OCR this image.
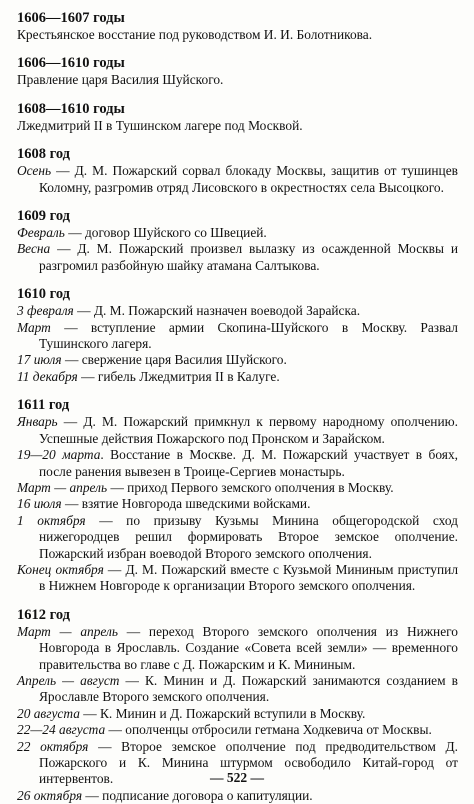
1606—1607 годы
Крестьянское восстание под руководством И. И. Болотникова.
1606—1610 годы
Правление царя Василия Шуйского.
1608—1610 годы
Лжедмитрий II в Тушинском лагере под Москвой.
1608 год
Осень — Д. М. Пожарский сорвал блокаду Москвы, защитив от тушинцев Коломну, разгромив отряд Лисовского в окрестностях села Высоцкого.
1609 год
Февраль — договор Шуйского со Швецией.
Весна — Д. М. Пожарский произвел вылазку из осажденной Москвы и разгромил разбойную шайку атамана Салтыкова.
1610 год
3 февраля — Д. М. Пожарский назначен воеводой Зарайска.
Март — вступление армии Скопина-Шуйского в Москву. Развал Тушинского лагеря.
17 июля — свержение царя Василия Шуйского.
11 декабря — гибель Лжедмитрия II в Калуге.
1611 год
Январь — Д. М. Пожарский примкнул к первому народному ополчению. Успешные действия Пожарского под Пронском и Зарайском.
19—20 марта. Восстание в Москве. Д. М. Пожарский участвует в боях, после ранения вывезен в Троице-Сергиев монастырь.
Март — апрель — приход Первого земского ополчения в Москву.
16 июля — взятие Новгорода шведскими войсками.
1 октября — по призыву Кузьмы Минина общегородской сход нижегородцев решил формировать Второе земское ополчение. Пожарский избран воеводой Второго земского ополчения.
Конец октября — Д. М. Пожарский вместе с Кузьмой Мининым приступил в Нижнем Новгороде к организации Второго земского ополчения.
1612 год
Март — апрель — переход Второго земского ополчения из Нижнего Новгорода в Ярославль. Создание «Совета всей земли» — временного правительства во главе с Д. Пожарским и К. Мининым.
Апрель — август — К. Минин и Д. Пожарский занимаются созданием в Ярославле Второго земского ополчения.
20 августа — К. Минин и Д. Пожарский вступили в Москву.
22—24 августа — ополченцы отбросили гетмана Ходкевича от Москвы.
22 октября — Второе земское ополчение под предводительством Д. Пожарского и К. Минина штурмом освободило Китай-город от интервентов.
26 октября — подписание договора о капитуляции.
— 522 —
